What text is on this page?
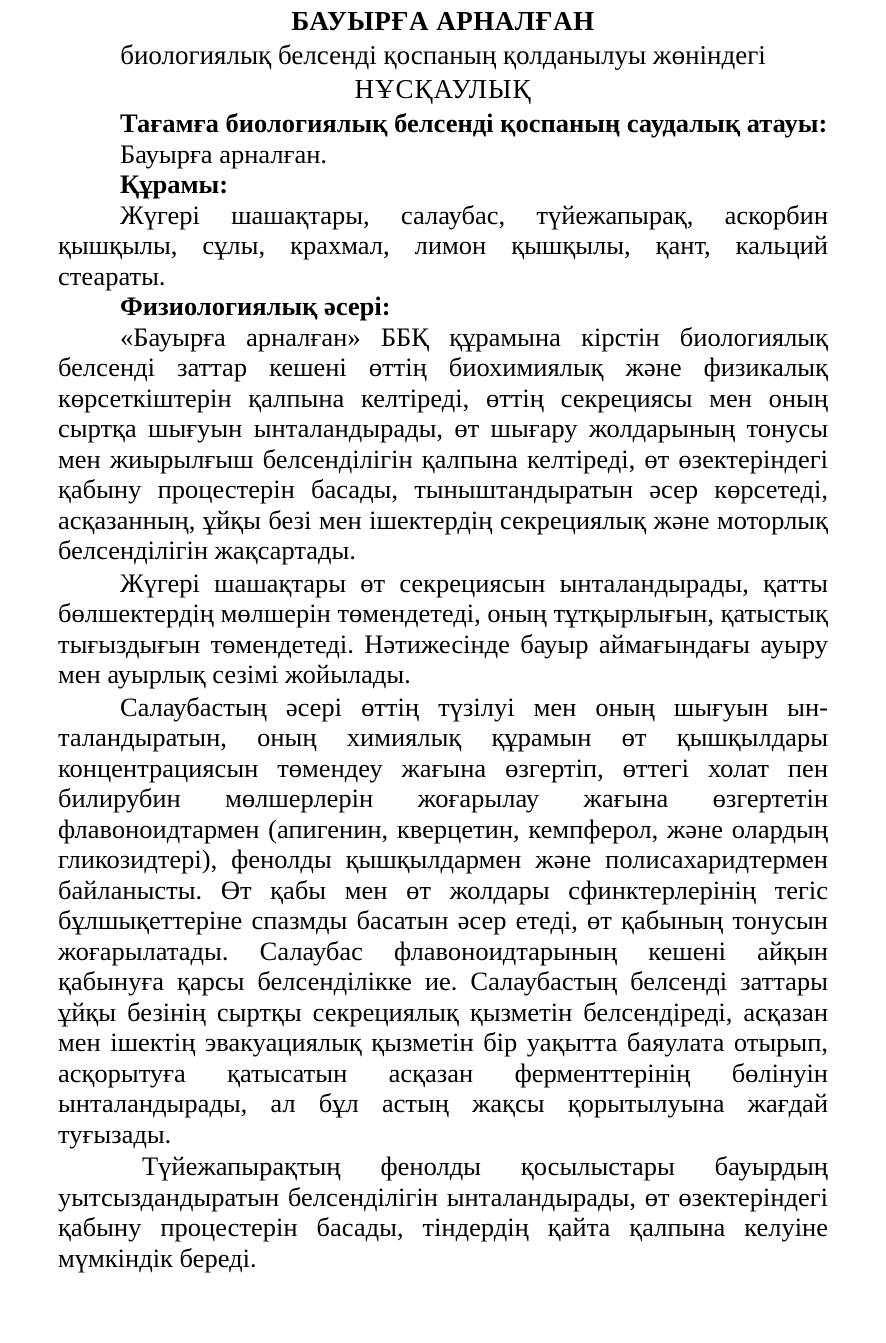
БАУЫРҒА АРНАЛҒАН
биологиялық белсенді қоспаның қолданылуы жөніндегі
НҰСҚАУЛЫҚ

Тағамға биологиялық белсенді қоспаның саудалық атауы:

Бауырға арналған.

Құрамы:

Жүгері шашақтары, салаубас, түйежапырақ, аскорбин қышқылы, сұлы, крахмал, лимон қышқылы, қант, кальций стеараты.

Физиологиялық әсері:

«Бауырға арналған» ББҚ құрамына кірстін биологиялық белсенді заттар кешені өттің биохимиялық және физикалық көрсеткіштерін қалпына келтіреді, өттің секрециясы мен оның сыртқа шығуын ынталандырады, өт шығару жолдарының тонусы мен жиырылғыш белсенділігін қалпына келтіреді, өт өзектеріндегі қабыну процестерін басады, тыныштандыратын әсер көрсетеді, асқазанның, ұйқы безі мен ішектердің секрециялық және моторлық белсенділігін жақсартады.

Жүгері шашақтары өт секрециясын ынталандырады, қатты бөлшектердің мөлшерін төмендетеді, оның тұтқырлығын, қатыстық тығыздығын төмендетеді. Нәтижесінде бауыр аймағындағы ауыру мен ауырлық сезімі жойылады.

Салаубастың әсері өттің түзілуі мен оның шығуын ынталандыратын, оның химиялық құрамын өт қышқылдары концентрациясын төмендеу жағына өзгертіп, өттегі холат пен билирубин мөлшерлерін жоғарылау жағына өзгертетін флавоноидтармен (апигенин, кверцетин, кемпферол, және олардың гликозидтері), фенолды қышқылдармен және полисахаридтермен байланысты. Өт қабы мен өт жолдары сфинктерлерінің тегіс бұлшықеттеріне спазмды басатын әсер етеді, өт қабының тонусын жоғарылатады. Салаубас флавоноидтарының кешені айқын қабынуға қарсы белсенділікке ие. Салаубастың белсенді заттары ұйқы безінің сыртқы секрециялық қызметін белсендіреді, асқазан мен ішектің эвакуациялық қызметін бір уақытта баяулата отырып, асқорытуға қатысатын асқазан ферменттерінің бөлінуін ынталандырады, ал бұл астың жақсы қорытылуына жағдай туғызады.

Түйежапырақтың фенолды қосылыстары бауырдың уытсыздандыратын белсенділігін ынталандырады, өт өзектеріндегі қабыну процестерін басады, тіндердің қайта қалпына келуіне мүмкіндік береді.
